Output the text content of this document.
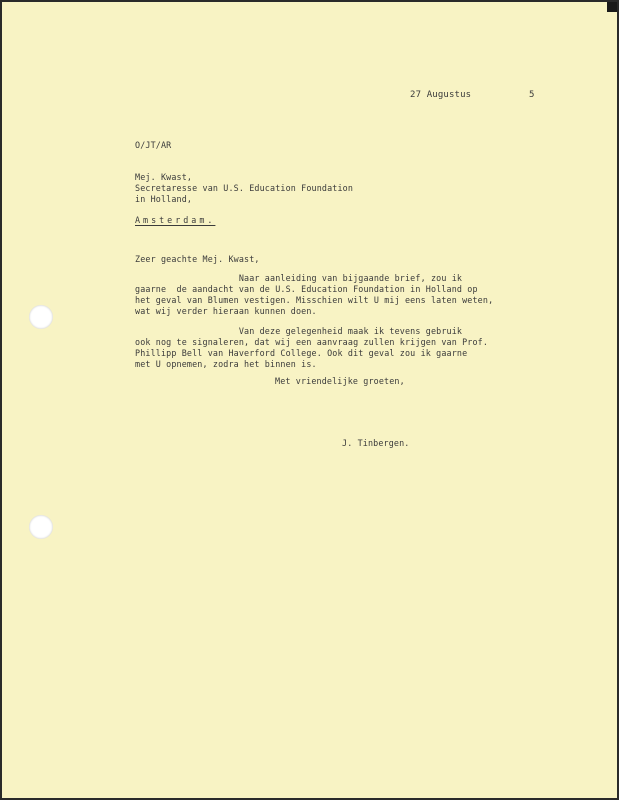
27 Augustus	5

O/JT/AR

Mej. Kwast,
Secretaresse van U.S. Education Foundation
in Holland,

Amsterdam.

Zeer geachte Mej. Kwast,

Naar aanleiding van bijgaande brief, zou ik
gaarne  de aandacht van de U.S. Education Foundation in Holland op
het geval van Blumen vestigen. Misschien wilt U mij eens laten weten,
wat wij verder hieraan kunnen doen.
Van deze gelegenheid maak ik tevens gebruik
ook nog te signaleren, dat wij een aanvraag zullen krijgen van Prof.
Phillipp Bell van Haverford College. Ook dit geval zou ik gaarne
met U opnemen, zodra het binnen is.

Met vriendelijke groeten,

J. Tinbergen.
